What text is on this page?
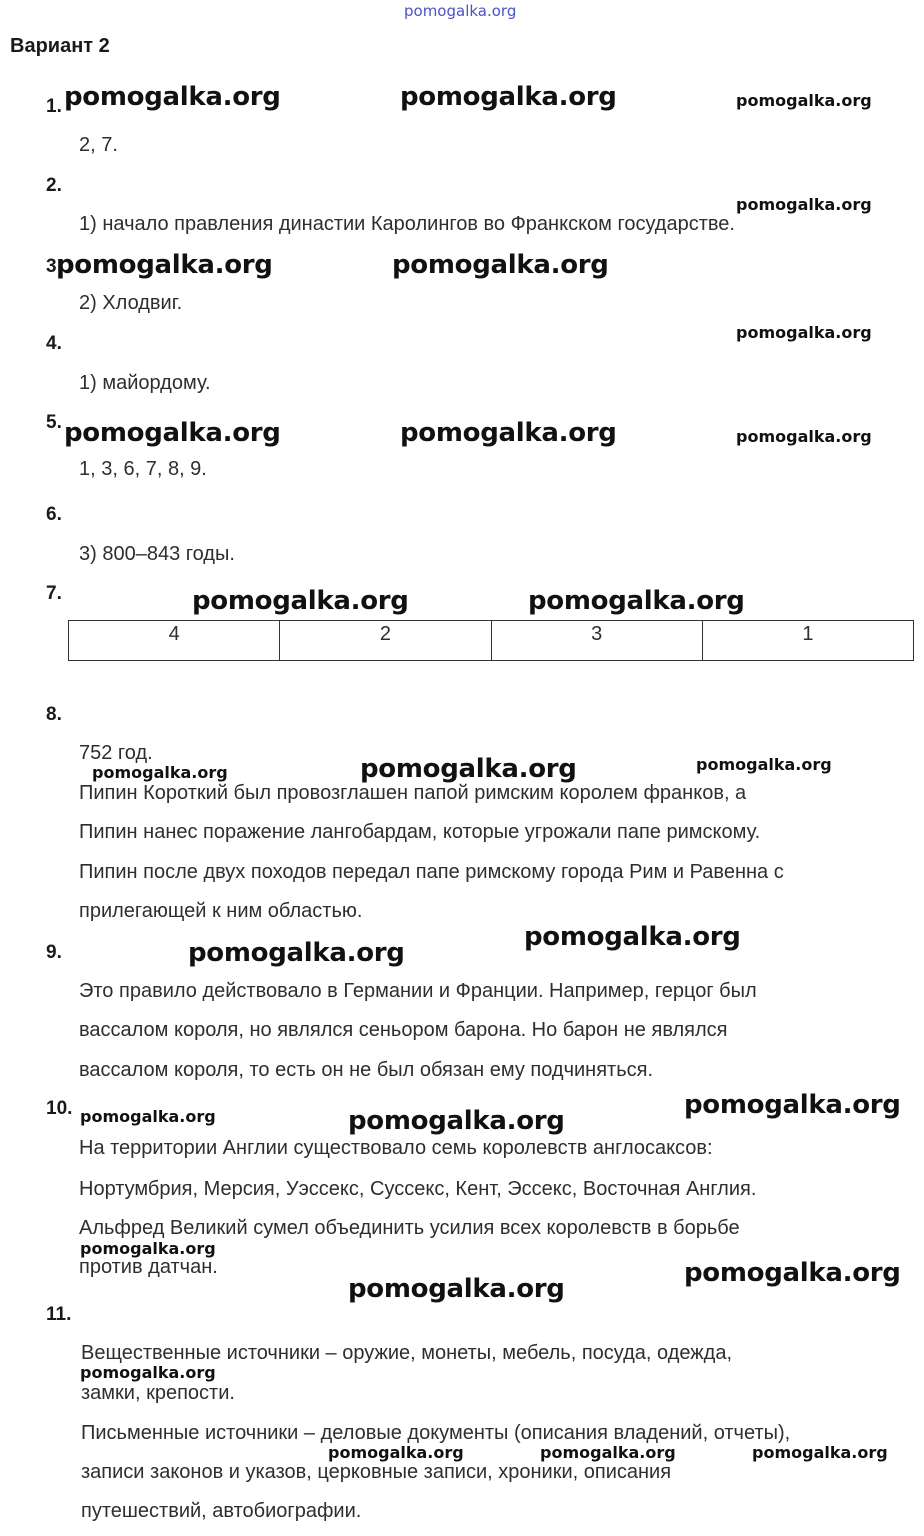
pomogalka.org
Вариант 2
1.
2, 7.
2.
1) начало правления династии Каролингов во Франкском государстве.
3
2) Хлодвиг.
4.
1) майордому.
5.
1, 3, 6, 7, 8, 9.
6.
3) 800–843 годы.
7.
4	2	3	1
8.
752 год.
Пипин Короткий был провозглашен папой римским королем франков, а
Пипин нанес поражение лангобардам, которые угрожали папе римскому.
Пипин после двух походов передал папе римскому города Рим и Равенна с
прилегающей к ним областью.
9.
Это правило действовало в Германии и Франции. Например, герцог был
вассалом короля, но являлся сеньором барона. Но барон не являлся
вассалом короля, то есть он не был обязан ему подчиняться.
10.
На территории Англии существовало семь королевств англосаксов:
Нортумбрия, Мерсия, Уэссекс, Суссекс, Кент, Эссекс, Восточная Англия.
Альфред Великий сумел объединить усилия всех королевств в борьбе
против датчан.
11.
Вещественные источники – оружие, монеты, мебель, посуда, одежда,
замки, крепости.
Письменные источники – деловые документы (описания владений, отчеты),
записи законов и указов, церковные записи, хроники, описания
путешествий, автобиографии.
pomogalka.org	pomogalka.org	pomogalka.org
pomogalka.org
pomogalka.org	pomogalka.org
pomogalka.org
pomogalka.org	pomogalka.org	pomogalka.org
pomogalka.org	pomogalka.org
pomogalka.org	pomogalka.org	pomogalka.org
pomogalka.org
pomogalka.org
pomogalka.org	pomogalka.org
pomogalka.org
pomogalka.org
pomogalka.org
pomogalka.org
pomogalka.org
pomogalka.org	pomogalka.org	pomogalka.org
